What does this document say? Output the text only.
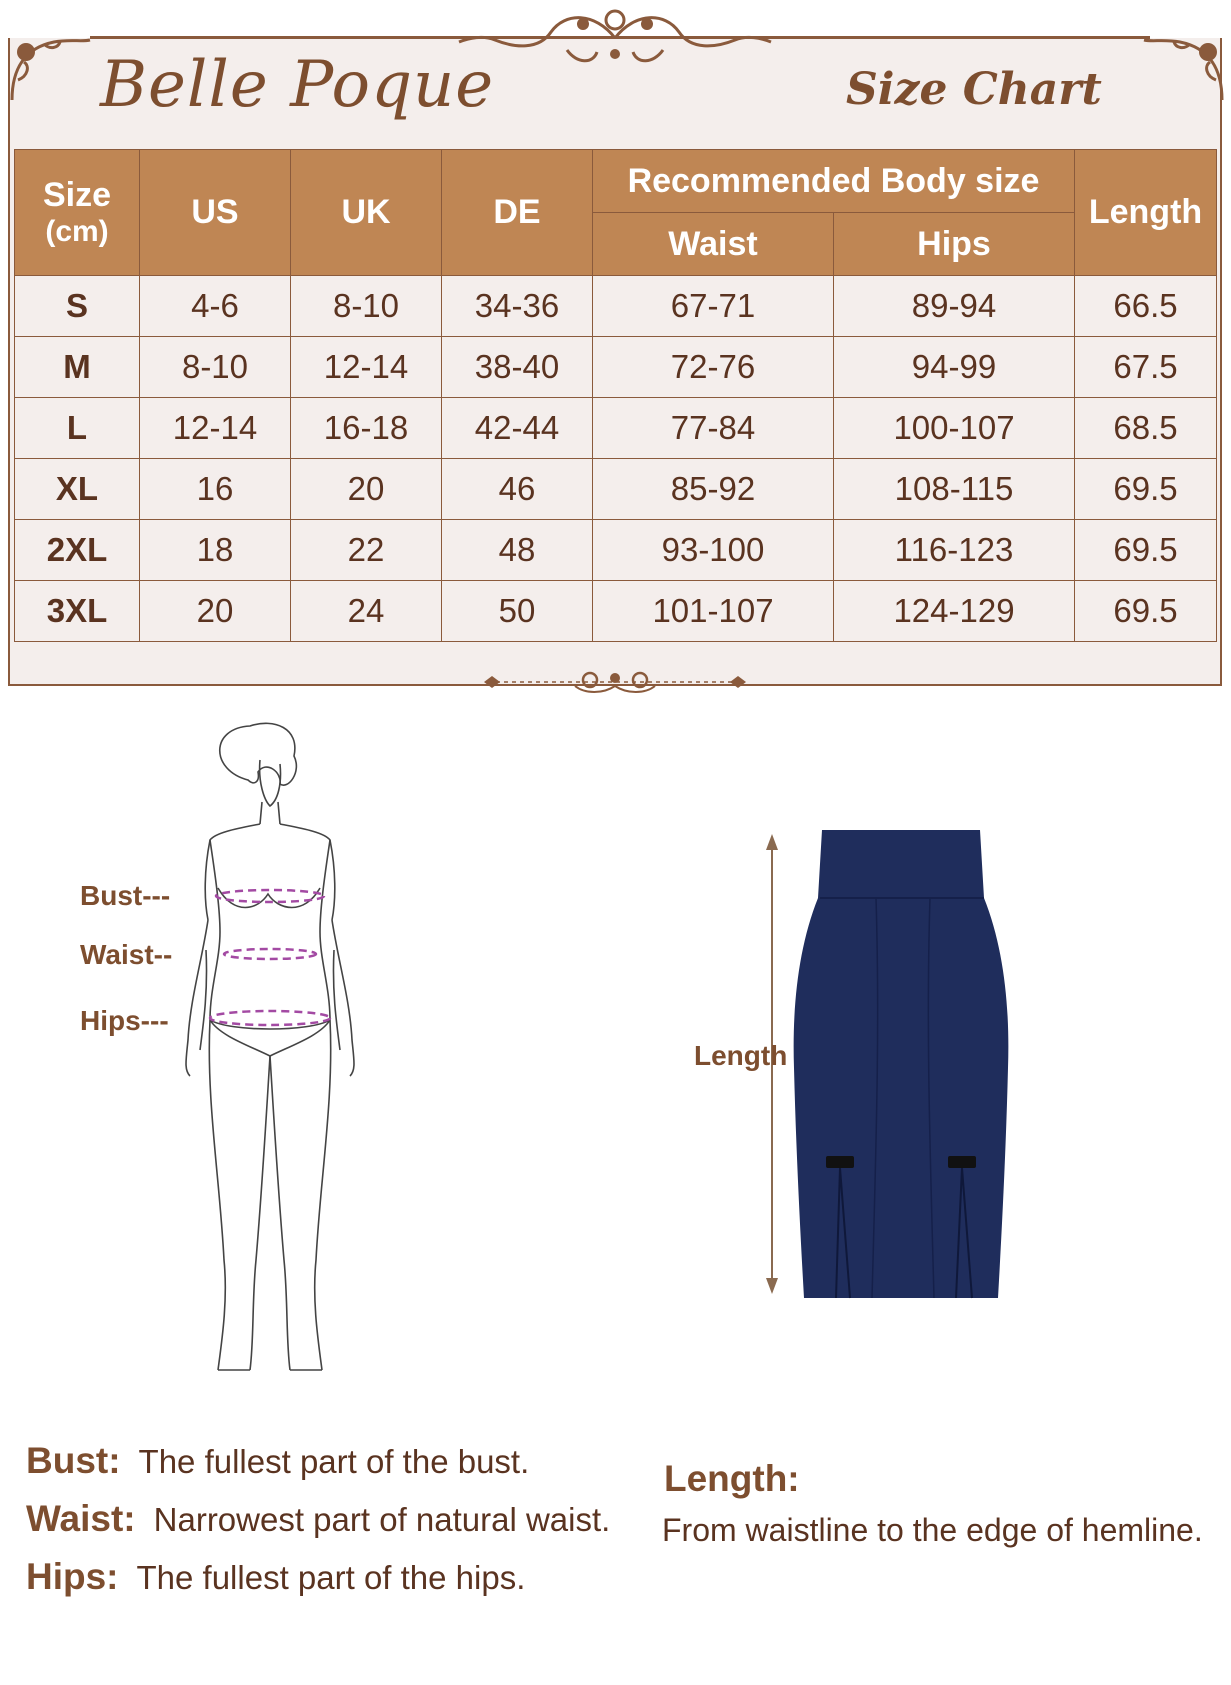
Belle Poque	Size Chart
Size
(cm)	US	UK	DE	Recommended Body size		Length
				Waist	Hips	
S	4-6	8-10	34-36	67-71	89-94	66.5
M	8-10	12-14	38-40	72-76	94-99	67.5
L	12-14	16-18	42-44	77-84	100-107	68.5
XL	16	20	46	85-92	108-115	69.5
2XL	18	22	48	93-100	116-123	69.5
3XL	20	24	50	101-107	124-129	69.5
Bust---
Waist--
Hips---
Length
Bust: The fullest part of the bust.
Waist: Narrowest part of natural waist.
Hips: The fullest part of the hips.
Length:
From waistline to the edge of hemline.
